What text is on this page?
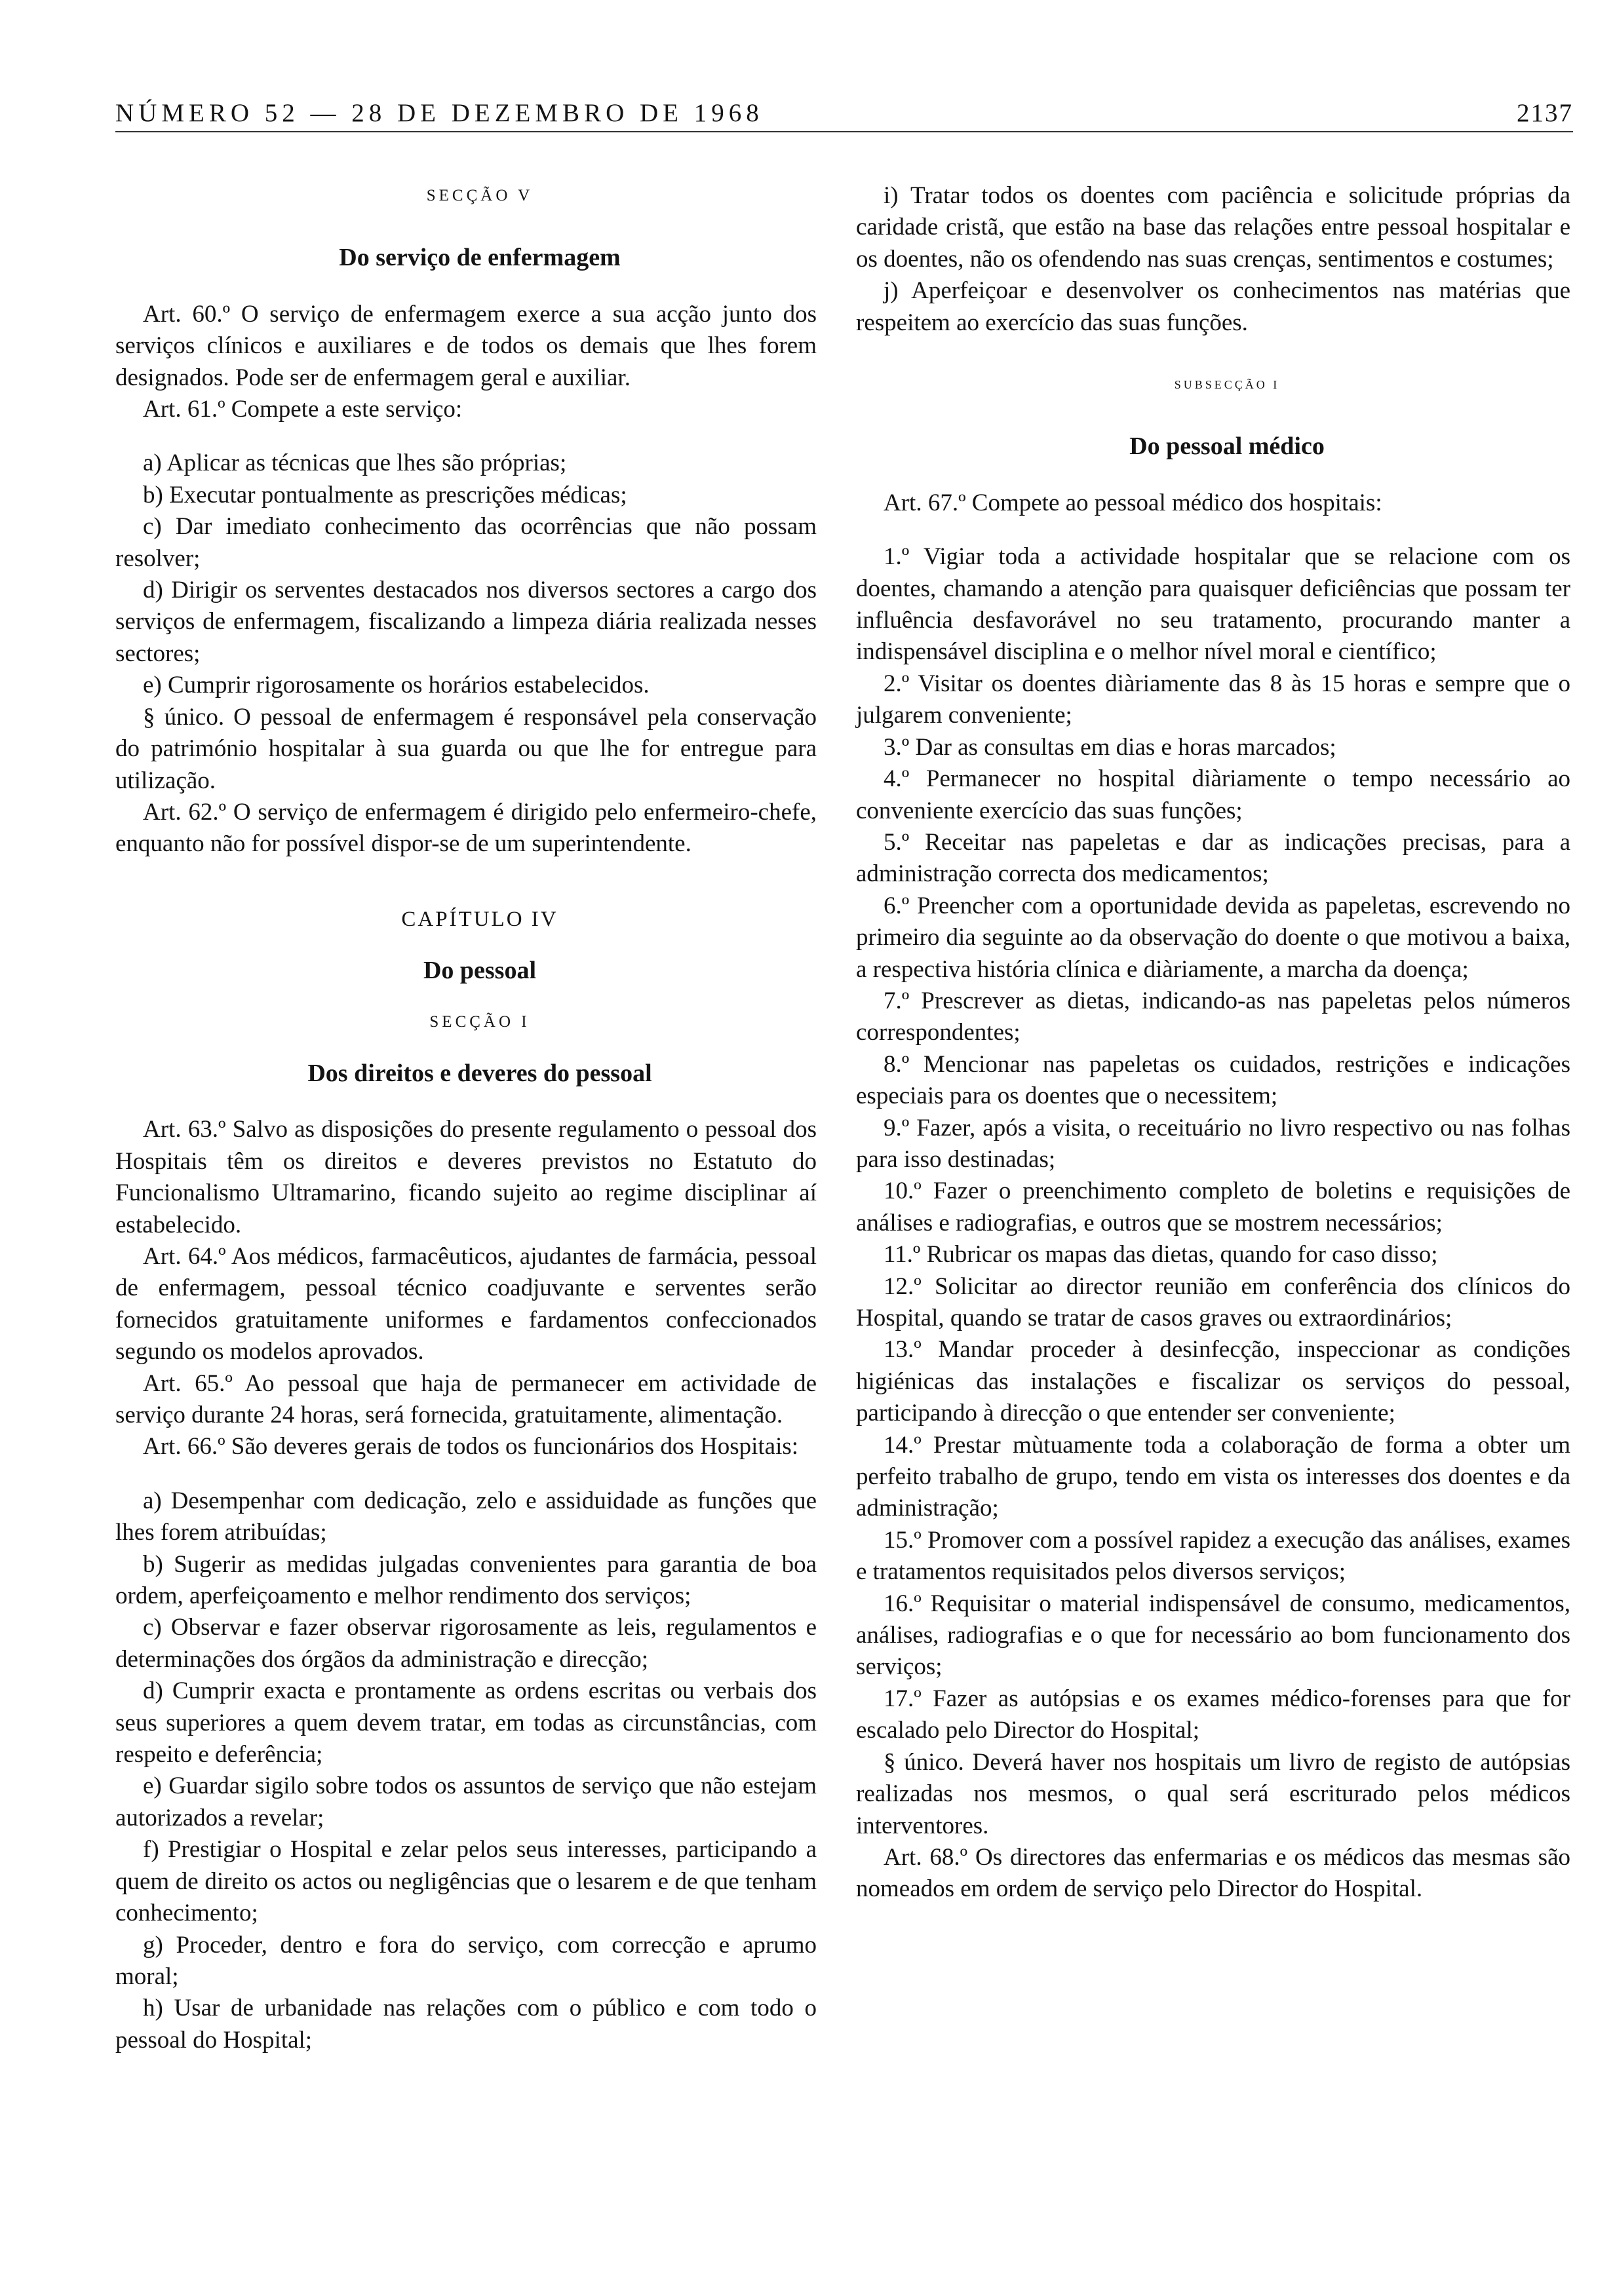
NÚMERO 52 — 28 DE DEZEMBRO DE 1968	2137

SECÇÃO V

Do serviço de enfermagem

Art. 60.º O serviço de enfermagem exerce a sua acção junto dos serviços clínicos e auxiliares e de todos os demais que lhes forem designados. Pode ser de enfermagem geral e auxiliar.

Art. 61.º Compete a este serviço:

a) Aplicar as técnicas que lhes são próprias;

b) Executar pontualmente as prescrições médicas;

c) Dar imediato conhecimento das ocorrências que não possam resolver;

d) Dirigir os serventes destacados nos diversos sectores a cargo dos serviços de enfermagem, fiscalizando a limpeza diária realizada nesses sectores;

e) Cumprir rigorosamente os horários estabelecidos.

§ único. O pessoal de enfermagem é responsável pela conservação do património hospitalar à sua guarda ou que lhe for entregue para utilização.

Art. 62.º O serviço de enfermagem é dirigido pelo enfermeiro-chefe, enquanto não for possível dispor-se de um superintendente.

CAPÍTULO IV

Do pessoal

SECÇÃO I

Dos direitos e deveres do pessoal

Art. 63.º Salvo as disposições do presente regulamento o pessoal dos Hospitais têm os direitos e deveres previstos no Estatuto do Funcionalismo Ultramarino, ficando sujeito ao regime disciplinar aí estabelecido.

Art. 64.º Aos médicos, farmacêuticos, ajudantes de farmácia, pessoal de enfermagem, pessoal técnico coadjuvante e serventes serão fornecidos gratuitamente uniformes e fardamentos confeccionados segundo os modelos aprovados.

Art. 65.º Ao pessoal que haja de permanecer em actividade de serviço durante 24 horas, será fornecida, gratuitamente, alimentação.

Art. 66.º São deveres gerais de todos os funcionários dos Hospitais:

a) Desempenhar com dedicação, zelo e assiduidade as funções que lhes forem atribuídas;

b) Sugerir as medidas julgadas convenientes para garantia de boa ordem, aperfeiçoamento e melhor rendimento dos serviços;

c) Observar e fazer observar rigorosamente as leis, regulamentos e determinações dos órgãos da administração e direcção;

d) Cumprir exacta e prontamente as ordens escritas ou verbais dos seus superiores a quem devem tratar, em todas as circunstâncias, com respeito e deferência;

e) Guardar sigilo sobre todos os assuntos de serviço que não estejam autorizados a revelar;

f) Prestigiar o Hospital e zelar pelos seus interesses, participando a quem de direito os actos ou negligências que o lesarem e de que tenham conhecimento;

g) Proceder, dentro e fora do serviço, com correcção e aprumo moral;

h) Usar de urbanidade nas relações com o público e com todo o pessoal do Hospital;

i) Tratar todos os doentes com paciência e solicitude próprias da caridade cristã, que estão na base das relações entre pessoal hospitalar e os doentes, não os ofendendo nas suas crenças, sentimentos e costumes;

j) Aperfeiçoar e desenvolver os conhecimentos nas matérias que respeitem ao exercício das suas funções.

SUBSECÇÃO I

Do pessoal médico

Art. 67.º Compete ao pessoal médico dos hospitais:

1.º Vigiar toda a actividade hospitalar que se relacione com os doentes, chamando a atenção para quaisquer deficiências que possam ter influência desfavorável no seu tratamento, procurando manter a indispensável disciplina e o melhor nível moral e científico;

2.º Visitar os doentes diàriamente das 8 às 15 horas e sempre que o julgarem conveniente;

3.º Dar as consultas em dias e horas marcados;

4.º Permanecer no hospital diàriamente o tempo necessário ao conveniente exercício das suas funções;

5.º Receitar nas papeletas e dar as indicações precisas, para a administração correcta dos medicamentos;

6.º Preencher com a oportunidade devida as papeletas, escrevendo no primeiro dia seguinte ao da observação do doente o que motivou a baixa, a respectiva história clínica e diàriamente, a marcha da doença;

7.º Prescrever as dietas, indicando-as nas papeletas pelos números correspondentes;

8.º Mencionar nas papeletas os cuidados, restrições e indicações especiais para os doentes que o necessitem;

9.º Fazer, após a visita, o receituário no livro respectivo ou nas folhas para isso destinadas;

10.º Fazer o preenchimento completo de boletins e requisições de análises e radiografias, e outros que se mostrem necessários;

11.º Rubricar os mapas das dietas, quando for caso disso;

12.º Solicitar ao director reunião em conferência dos clínicos do Hospital, quando se tratar de casos graves ou extraordinários;

13.º Mandar proceder à desinfecção, inspeccionar as condições higiénicas das instalações e fiscalizar os serviços do pessoal, participando à direcção o que entender ser conveniente;

14.º Prestar mùtuamente toda a colaboração de forma a obter um perfeito trabalho de grupo, tendo em vista os interesses dos doentes e da administração;

15.º Promover com a possível rapidez a execução das análises, exames e tratamentos requisitados pelos diversos serviços;

16.º Requisitar o material indispensável de consumo, medicamentos, análises, radiografias e o que for necessário ao bom funcionamento dos serviços;

17.º Fazer as autópsias e os exames médico-forenses para que for escalado pelo Director do Hospital;

§ único. Deverá haver nos hospitais um livro de registo de autópsias realizadas nos mesmos, o qual será escriturado pelos médicos interventores.

Art. 68.º Os directores das enfermarias e os médicos das mesmas são nomeados em ordem de serviço pelo Director do Hospital.
